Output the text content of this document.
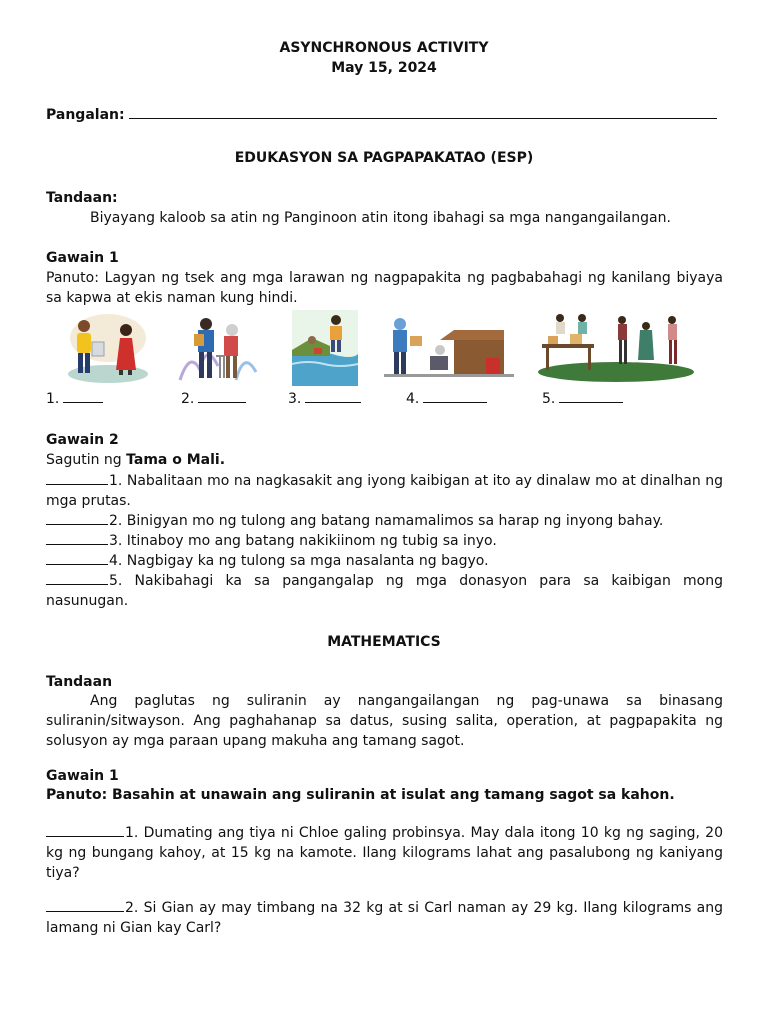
ASYNCHRONOUS ACTIVITY

May 15, 2024

Pangalan:

EDUKASYON SA PAGPAPAKATAO (ESP)

Tandaan:

Biyayang kaloob sa atin ng Panginoon atin itong ibahagi sa mga nangangailangan.

Gawain 1

Panuto: Lagyan ng tsek ang mga larawan ng nagpapakita ng pagbabahagi ng kanilang biyaya sa kapwa at ekis naman kung hindi.

1.	2.	3.	4.	5.

Gawain 2

Sagutin ng Tama o Mali.

1. Nabalitaan mo na nagkasakit ang iyong kaibigan at ito ay dinalaw mo at dinalhan ng mga prutas.

2. Binigyan mo ng tulong ang batang namamalimos sa harap ng inyong bahay.

3. Itinaboy mo ang batang nakikiinom ng tubig sa inyo.

4. Nagbigay ka ng tulong sa mga nasalanta ng bagyo.

5. Nakibahagi ka sa pangangalap ng mga donasyon para sa kaibigan mong nasunugan.

MATHEMATICS

Tandaan

Ang paglutas ng suliranin ay nangangailangan ng pag-unawa sa binasang suliranin/sitwayson. Ang paghahanap sa datus, susing salita, operation, at pagpapakita ng solusyon ay mga paraan upang makuha ang tamang sagot.

Gawain 1

Panuto: Basahin at unawain ang suliranin at isulat ang tamang sagot sa kahon.

1. Dumating ang tiya ni Chloe galing probinsya. May dala itong 10 kg ng saging, 20 kg ng bungang kahoy, at 15 kg na kamote. Ilang kilograms lahat ang pasalubong ng kaniyang tiya?

2. Si Gian ay may timbang na 32 kg at si Carl naman ay 29 kg. Ilang kilograms ang lamang ni Gian kay Carl?
